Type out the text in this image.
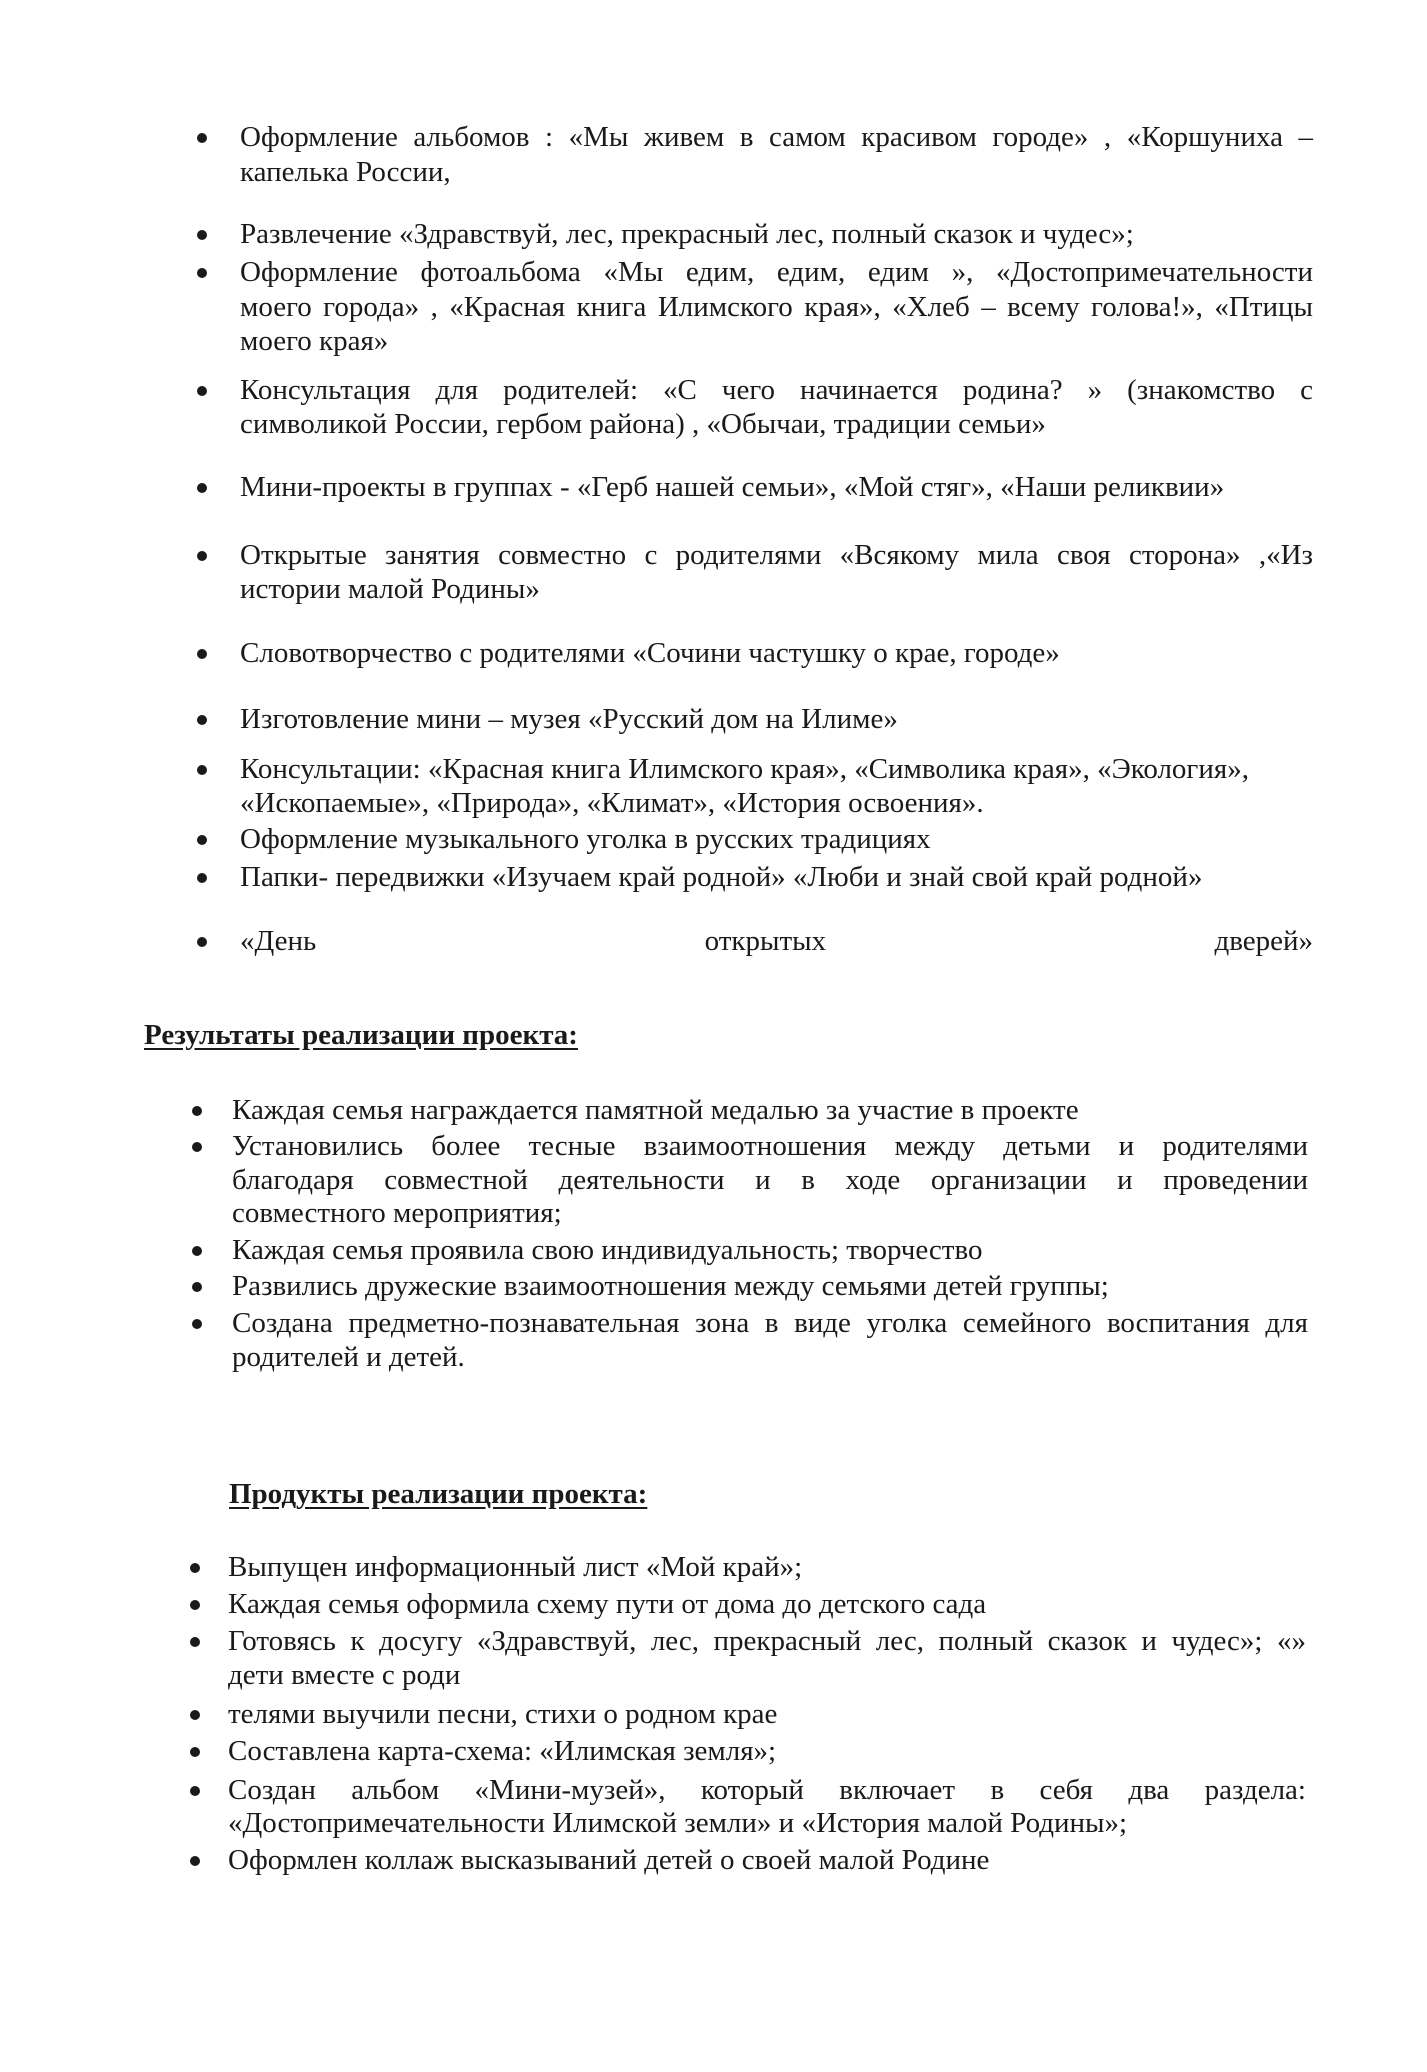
Оформление альбомов : «Мы живем в самом красивом городе» , «Коршуниха –
капелька России,
Развлечение «Здравствуй, лес, прекрасный лес, полный сказок и чудес»;
Оформление фотоальбома «Мы едим, едим, едим », «Достопримечательности
моего города» , «Красная книга Илимского края», «Хлеб – всему голова!», «Птицы
моего края»
Консультация для родителей: «С чего начинается родина? » (знакомство с
символикой России, гербом района) , «Обычаи, традиции семьи»
Мини-проекты в группах - «Герб нашей семьи», «Мой стяг», «Наши реликвии»
Открытые занятия совместно с родителями «Всякому мила своя сторона» ,«Из
истории малой Родины»
Словотворчество с родителями «Сочини частушку о крае, городе»
Изготовление мини – музея «Русский дом на Илиме»
Консультации: «Красная книга Илимского края», «Символика края», «Экология»,
«Ископаемые», «Природа», «Климат», «История освоения».
Оформление музыкального уголка в русских традициях
Папки- передвижки «Изучаем край родной» «Люби и знай свой край родной»
«День открытых дверей»
Результаты реализации проекта:
Каждая семья награждается памятной медалью за участие в проекте
Установились более тесные взаимоотношения между детьми и родителями
благодаря совместной деятельности и в ходе организации и проведении
совместного мероприятия;
Каждая семья проявила свою индивидуальность; творчество
Развились дружеские взаимоотношения между семьями детей группы;
Создана предметно-познавательная зона в виде уголка семейного воспитания для
родителей и детей.
Продукты реализации проекта:
Выпущен информационный лист «Мой край»;
Каждая семья оформила схему пути от дома до детского сада
Готовясь к досугу «Здравствуй, лес, прекрасный лес, полный сказок и чудес»; «»
дети вместе с роди
телями выучили песни, стихи о родном крае
Составлена карта-схема: «Илимская земля»;
Создан альбом «Мини-музей», который включает в себя два раздела:
«Достопримечательности Илимской земли» и «История малой Родины»;
Оформлен коллаж высказываний детей о своей малой Родине
